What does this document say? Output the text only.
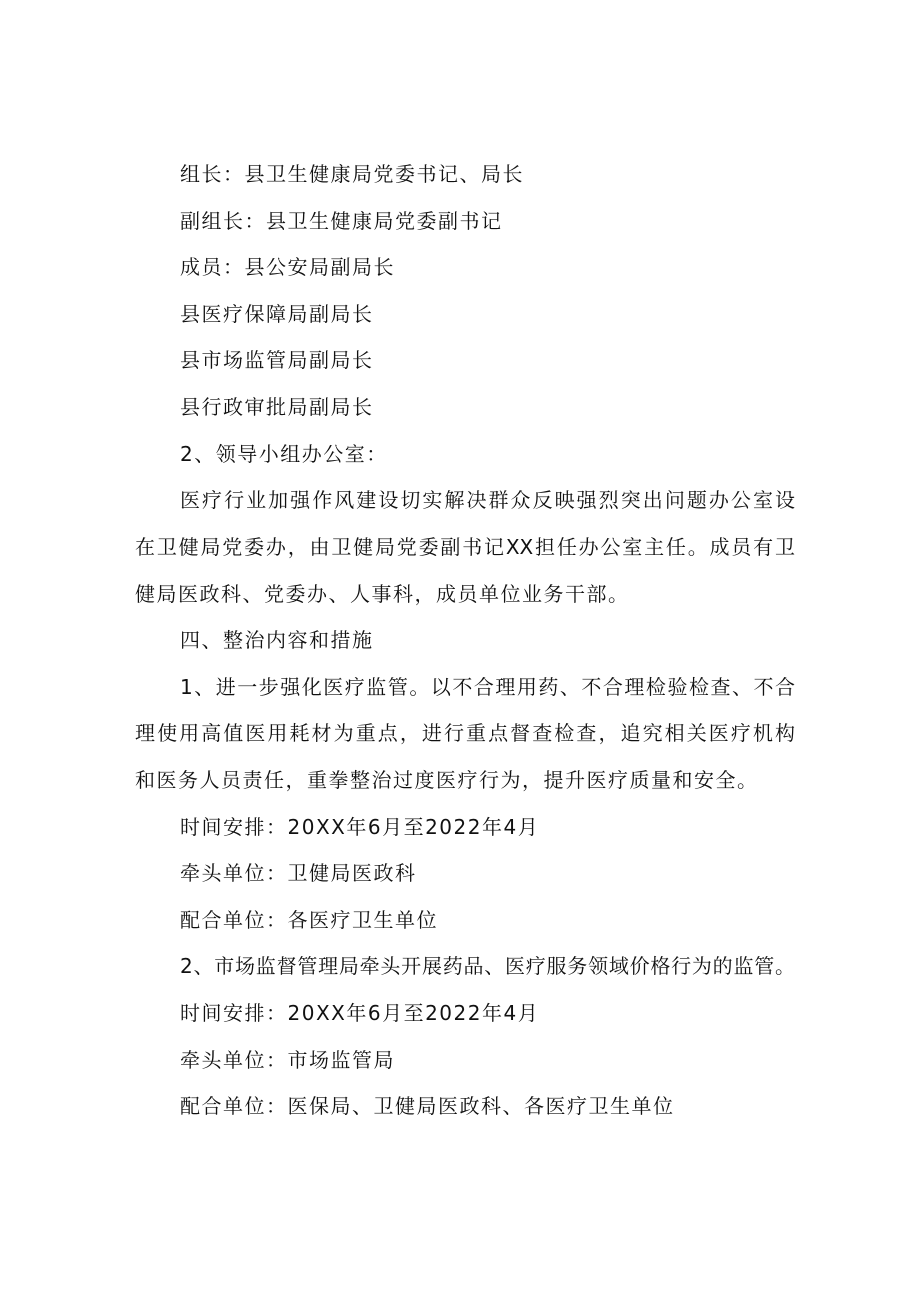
组长：县卫生健康局党委书记、局长
副组长：县卫生健康局党委副书记
成员：县公安局副局长
县医疗保障局副局长
县市场监管局副局长
县行政审批局副局长
2、领导小组办公室：
医疗行业加强作风建设切实解决群众反映强烈突出问题办公室设
在卫健局党委办，由卫健局党委副书记XX担任办公室主任。成员有卫
健局医政科、党委办、人事科，成员单位业务干部。
四、整治内容和措施
1、进一步强化医疗监管。以不合理用药、不合理检验检查、不合
理使用高值医用耗材为重点，进行重点督查检查，追究相关医疗机构
和医务人员责任，重拳整治过度医疗行为，提升医疗质量和安全。
时间安排：20XX年6月至2022年4月
牵头单位：卫健局医政科
配合单位：各医疗卫生单位
2、市场监督管理局牵头开展药品、医疗服务领域价格行为的监管。
时间安排：20XX年6月至2022年4月
牵头单位：市场监管局
配合单位：医保局、卫健局医政科、各医疗卫生单位
